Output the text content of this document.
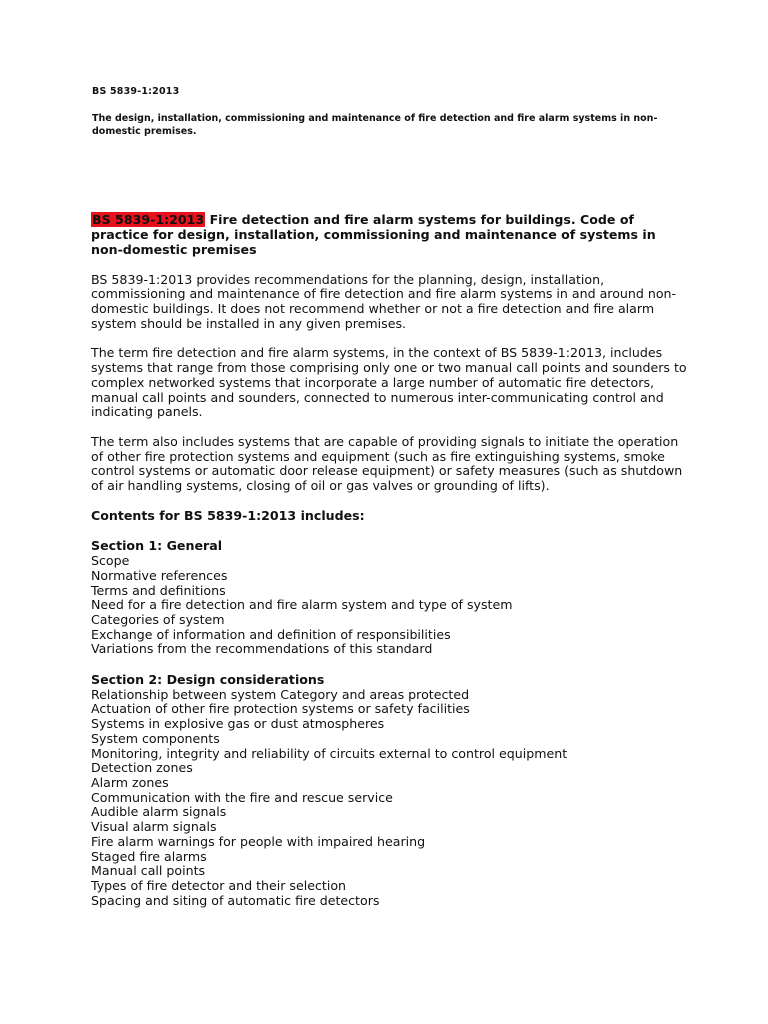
BS 5839-1:2013
The design, installation, commissioning and maintenance of fire detection and fire alarm systems in non-domestic premises.
BS 5839-1:2013 Fire detection and fire alarm systems for buildings. Code of practice for design, installation, commissioning and maintenance of systems in non-domestic premises
BS 5839-1:2013 provides recommendations for the planning, design, installation, commissioning and maintenance of fire detection and fire alarm systems in and around non-domestic buildings. It does not recommend whether or not a fire detection and fire alarm system should be installed in any given premises.
The term fire detection and fire alarm systems, in the context of BS 5839-1:2013, includes systems that range from those comprising only one or two manual call points and sounders to complex networked systems that incorporate a large number of automatic fire detectors, manual call points and sounders, connected to numerous inter-communicating control and indicating panels.
The term also includes systems that are capable of providing signals to initiate the operation of other fire protection systems and equipment (such as fire extinguishing systems, smoke control systems or automatic door release equipment) or safety measures (such as shutdown of air handling systems, closing of oil or gas valves or grounding of lifts).
Contents for BS 5839-1:2013 includes:
Section 1: General
Scope
Normative references
Terms and definitions
Need for a fire detection and fire alarm system and type of system
Categories of system
Exchange of information and definition of responsibilities
Variations from the recommendations of this standard
Section 2: Design considerations
Relationship between system Category and areas protected
Actuation of other fire protection systems or safety facilities
Systems in explosive gas or dust atmospheres
System components
Monitoring, integrity and reliability of circuits external to control equipment
Detection zones
Alarm zones
Communication with the fire and rescue service
Audible alarm signals
Visual alarm signals
Fire alarm warnings for people with impaired hearing
Staged fire alarms
Manual call points
Types of fire detector and their selection
Spacing and siting of automatic fire detectors
